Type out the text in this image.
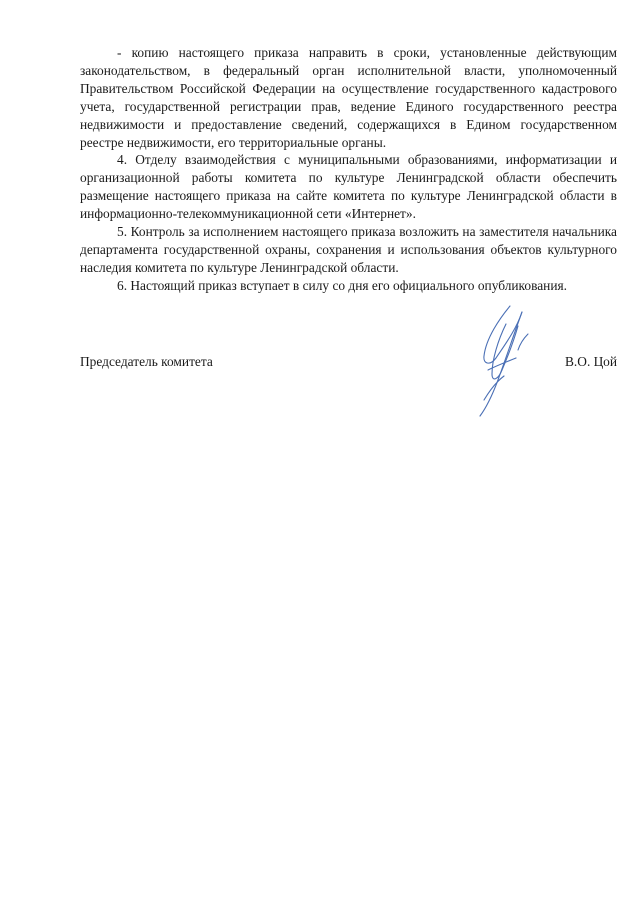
- копию настоящего приказа направить в сроки, установленные действующим законодательством, в федеральный орган исполнительной власти, уполномоченный Правительством Российской Федерации на осуществление государственного кадастрового учета, государственной регистрации прав, ведение Единого государственного реестра недвижимости и предоставление сведений, содержащихся в Едином государственном реестре недвижимости, его территориальные органы.

4. Отделу взаимодействия с муниципальными образованиями, информатизации и организационной работы комитета по культуре Ленинградской области обеспечить размещение настоящего приказа на сайте комитета по культуре Ленинградской области в информационно-телекоммуникационной сети «Интернет».

5. Контроль за исполнением настоящего приказа возложить на заместителя начальника департамента государственной охраны, сохранения и использования объектов культурного наследия комитета по культуре Ленинградской области.

6. Настоящий приказ вступает в силу со дня его официального опубликования.

Председатель комитета	В.О. Цой
